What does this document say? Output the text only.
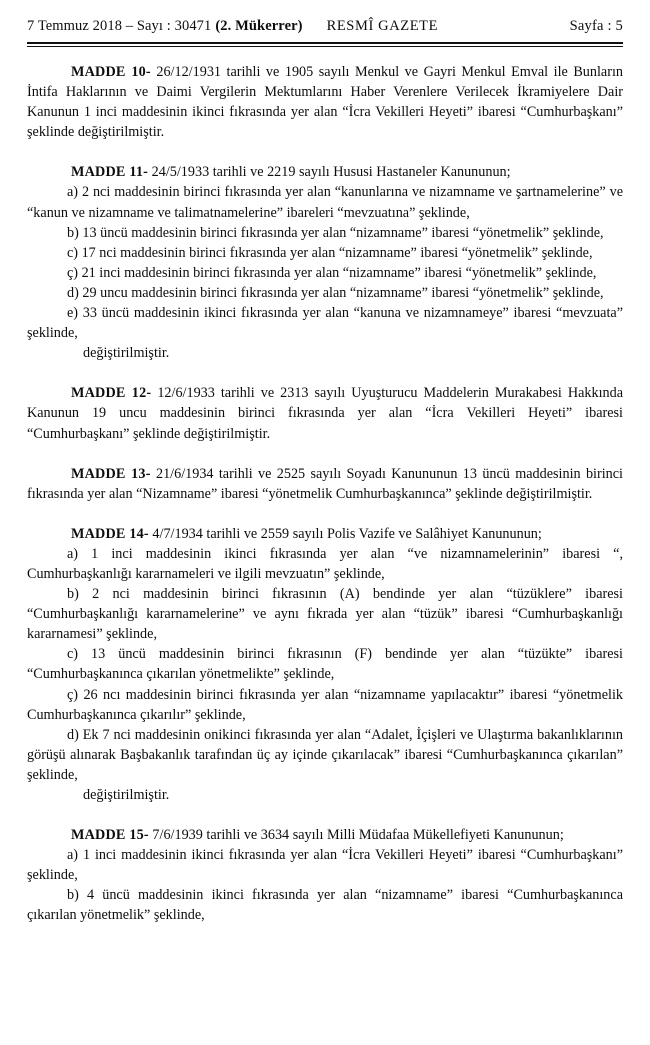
7 Temmuz 2018 – Sayı : 30471 (2. Mükerrer) RESMÎ GAZETE	Sayfa : 5

MADDE 10- 26/12/1931 tarihli ve 1905 sayılı Menkul ve Gayri Menkul Emval ile Bunların İntifa Haklarının ve Daimi Vergilerin Mektumlarını Haber Verenlere Verilecek İkramiyelere Dair Kanunun 1 inci maddesinin ikinci fıkrasında yer alan “İcra Vekilleri Heyeti” ibaresi “Cumhurbaşkanı” şeklinde değiştirilmiştir.

MADDE 11- 24/5/1933 tarihli ve 2219 sayılı Hususi Hastaneler Kanununun;

a) 2 nci maddesinin birinci fıkrasında yer alan “kanunlarına ve nizamname ve şartnamelerine” ve “kanun ve nizamname ve talimatnamelerine” ibareleri “mevzuatına” şeklinde,

b) 13 üncü maddesinin birinci fıkrasında yer alan “nizamname” ibaresi “yönetmelik” şeklinde,

c) 17 nci maddesinin birinci fıkrasında yer alan “nizamname” ibaresi “yönetmelik” şeklinde,

ç) 21 inci maddesinin birinci fıkrasında yer alan “nizamname” ibaresi “yönetmelik” şeklinde,

d) 29 uncu maddesinin birinci fıkrasında yer alan “nizamname” ibaresi “yönetmelik” şeklinde,

e) 33 üncü maddesinin ikinci fıkrasında yer alan “kanuna ve nizamnameye” ibaresi “mevzuata” şeklinde,

değiştirilmiştir.

MADDE 12- 12/6/1933 tarihli ve 2313 sayılı Uyuşturucu Maddelerin Murakabesi Hakkında Kanunun 19 uncu maddesinin birinci fıkrasında yer alan “İcra Vekilleri Heyeti” ibaresi “Cumhurbaşkanı” şeklinde değiştirilmiştir.

MADDE 13- 21/6/1934 tarihli ve 2525 sayılı Soyadı Kanununun 13 üncü maddesinin birinci fıkrasında yer alan “Nizamname” ibaresi “yönetmelik Cumhurbaşkanınca” şeklinde değiştirilmiştir.

MADDE 14- 4/7/1934 tarihli ve 2559 sayılı Polis Vazife ve Salâhiyet Kanununun;

a) 1 inci maddesinin ikinci fıkrasında yer alan “ve nizamnamelerinin” ibaresi “, Cumhurbaşkanlığı kararnameleri ve ilgili mevzuatın” şeklinde,

b) 2 nci maddesinin birinci fıkrasının (A) bendinde yer alan “tüzüklere” ibaresi “Cumhurbaşkanlığı kararnamelerine” ve aynı fıkrada yer alan “tüzük” ibaresi “Cumhurbaşkanlığı kararnamesi” şeklinde,

c) 13 üncü maddesinin birinci fıkrasının (F) bendinde yer alan “tüzükte” ibaresi “Cumhurbaşkanınca çıkarılan yönetmelikte” şeklinde,

ç) 26 ncı maddesinin birinci fıkrasında yer alan “nizamname yapılacaktır” ibaresi “yönetmelik Cumhurbaşkanınca çıkarılır” şeklinde,

d) Ek 7 nci maddesinin onikinci fıkrasında yer alan “Adalet, İçişleri ve Ulaştırma bakanlıklarının görüşü alınarak Başbakanlık tarafından üç ay içinde çıkarılacak” ibaresi “Cumhurbaşkanınca çıkarılan” şeklinde,

değiştirilmiştir.

MADDE 15- 7/6/1939 tarihli ve 3634 sayılı Milli Müdafaa Mükellefiyeti Kanununun;

a) 1 inci maddesinin ikinci fıkrasında yer alan “İcra Vekilleri Heyeti” ibaresi “Cumhurbaşkanı” şeklinde,

b) 4 üncü maddesinin ikinci fıkrasında yer alan “nizamname” ibaresi “Cumhurbaşkanınca çıkarılan yönetmelik” şeklinde,
